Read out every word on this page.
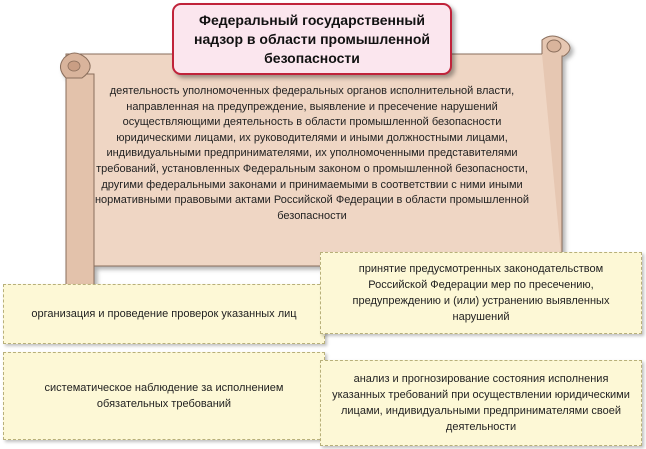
Федеральный государственный
надзор в области промышленной
безопасности
деятельность уполномоченных федеральных органов исполнительной власти, направленная на предупреждение, выявление и пресечение нарушений осуществляющими деятельность в области промышленной безопасности юридическими лицами, их руководителями и иными должностными лицами, индивидуальными предпринимателями, их уполномоченными представителями требований, установленных Федеральным законом о промышленной безопасности, другими федеральными законами и принимаемыми в соответствии с ними иными нормативными правовыми актами Российской Федерации в области промышленной безопасности
организация и проведение проверок указанных лиц
систематическое наблюдение за исполнением обязательных требований
принятие предусмотренных законодательством Российской Федерации мер по пресечению, предупреждению и (или) устранению выявленных нарушений
анализ и прогнозирование состояния исполнения указанных требований при осуществлении юридическими лицами, индивидуальными предпринимателями своей деятельности
